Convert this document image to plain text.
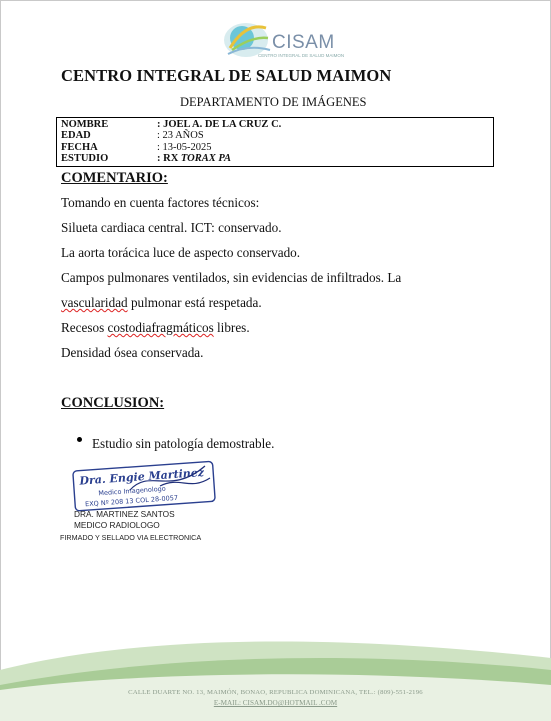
CISAM
CENTRO INTEGRAL DE SALUD MAIMON
CENTRO INTEGRAL DE SALUD MAIMON
DEPARTAMENTO DE IMÁGENES
NOMBRE	: JOEL A. DE LA CRUZ C.
EDAD	: 23 AÑOS
FECHA	: 13-05-2025
ESTUDIO	: RX TORAX PA
COMENTARIO:
Tomando en cuenta factores técnicos:
Silueta cardiaca central. ICT: conservado.
La aorta torácica luce de aspecto conservado.
Campos pulmonares ventilados, sin evidencias de infiltrados. La
vascularidad pulmonar está respetada.
Recesos costodiafragmáticos libres.
Densidad ósea conservada.
CONCLUSION:
Estudio sin patología demostrable.
Dra. Engie Martinez
Medico Imagenologo
EXQ Nº 208 13 COL 28-0057
DRA. MARTINEZ SANTOS
MEDICO RADIOLOGO
FIRMADO Y SELLADO VIA ELECTRONICA
CALLE DUARTE NO. 13, MAIMÓN, BONAO, REPUBLICA DOMINICANA, TEL.: (809)-551-2196
E-MAIL: CISAM.DO@HOTMAIL .COM
